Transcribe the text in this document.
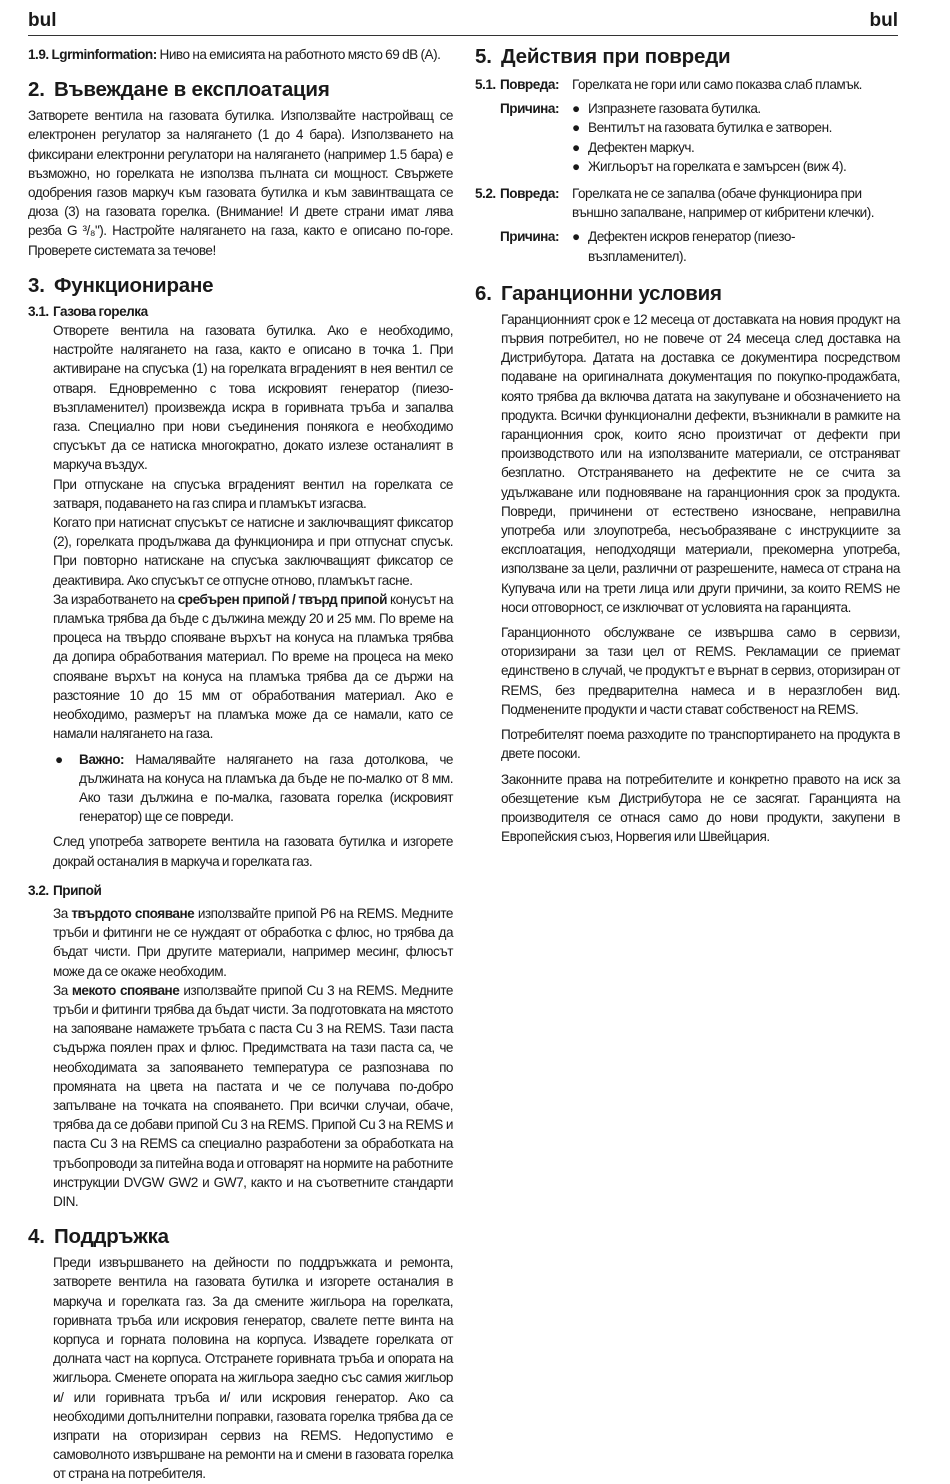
bul	bul
1.9. Lgrminformation: Ниво на емисията на работното място 69 dB (A).
2. Въвеждане в експлоатация

Затворете вентила на газовата бутилка. Използвайте настройващ се електронен регулатор за налягането (1 до 4 бара). Използването на фиксирани електронни регулатори на налягането (например 1.5 бара) е възможно, но горелката не използва пълната си мощност. Свържете одобрения газов маркуч към газовата бутилка и към завинтващата се дюза (3) на газовата горелка. (Внимание! И двете страни имат лява резба G ³/₈"). Настройте налягането на газа, както е описано по-горе. Проверете системата за течове!

3. Функциониране
3.1. Газова горелка

Отворете вентила на газовата бутилка. Ако е необходимо, настройте налягането на газа, както е описано в точка 1. При активиране на спусъка (1) на горелката вграденият в нея вентил се отваря. Едновременно с това искровият генератор (пиезо-възпламенител) произвежда искра в горивната тръба и запалва газа. Специално при нови съединения понякога е необходимо спусъкът да се натиска многократно, докато излезе останалият в маркуча въздух.

При отпускане на спусъка вграденият вентил на горелката се затваря, подаването на газ спира и пламъкът изгасва.

Когато при натиснат спусъкът се натисне и заключващият фиксатор (2), горелката продължава да функционира и при отпуснат спусък. При повторно натискане на спусъка заключващият фиксатор се деактивира. Ако спусъкът се отпусне отново, пламъкът гасне.

За изработването на сребърен припой / твърд припой конусът на пламъка трябва да бъде с дължина между 20 и 25 мм. По време на процеса на твърдо спояване върхът на конуса на пламъка трябва да допира обработвания материал. По време на процеса на меко спояване върхът на конуса на пламъка трябва да се държи на разстояние 10 до 15 мм от обработвания материал. Ако е необходимо, размерът на пламъка може да се намали, като се намали налягането на газа.

● Важно: Намалявайте налягането на газа дотолкова, че дължината на конуса на пламъка да бъде не по-малко от 8 мм. Ако тази дължина е по-малка, газовата горелка (искровият генератор) ще се повреди.

След употреба затворете вентила на газовата бутилка и изгорете докрай останалия в маркуча и горелката газ.

3.2. Припой

За твърдото спояване използвайте припой P6 на REMS. Медните тръби и фитинги не се нуждаят от обработка с флюс, но трябва да бъдат чисти. При другите материали, например месинг, флюсът може да се окаже необходим.

За мекото спояване използвайте припой Cu 3 на REMS. Медните тръби и фитинги трябва да бъдат чисти. За подготовката на мястото на запояване намажете тръбата с паста Cu 3 на REMS. Тази паста съдържа поялен прах и флюс. Предимствата на тази паста са, че необходимата за запояването температура се разпознава по промяната на цвета на пастата и че се получава по-добро запълване на точката на спояването. При всички случаи, обаче, трябва да се добави припой Cu 3 на REMS. Припой Cu 3 на REMS и паста Cu 3 на REMS са специално разработени за обработката на тръбопроводи за питейна вода и отговарят на нормите на работните инструкции DVGW GW2 и GW7, както и на съответните стандарти DIN.

4. Поддръжка

Преди извършването на дейности по поддръжката и ремонта, затворете вентила на газовата бутилка и изгорете останалия в маркуча и горелката газ. За да смените жигльора на горелката, горивната тръба или искровия генератор, свалете петте винта на корпуса и горната половина на корпуса. Извадете горелката от долната част на корпуса. Отстранете горивната тръба и опората на жигльора. Сменете опората на жигльора заедно със самия жигльор и/ или горивната тръба и/ или искровия генератор. Ако са необходими допълнителни поправки, газовата горелка трябва да се изпрати на оторизиран сервиз на REMS. Недопустимо е самоволното извършване на ремонти на и смени в газовата горелка от страна на потребителя.

5. Действия при повреди
5.1. Повреда: Горелката не гори или само показва слаб пламък.
Причина: ● Изпразнете газовата бутилка.
● Вентилът на газовата бутилка е затворен.
● Дефектен маркуч.
● Жигльорът на горелката е замърсен (виж 4).
5.2. Повреда: Горелката не се запалва (обаче функционира при външно запалване, например от кибритени клечки).
Причина: ● Дефектен искров генератор (пиезо-възпламенител).
6. Гаранционни условия

Гаранционният срок е 12 месеца от доставката на новия продукт на първия потребител, но не повече от 24 месеца след доставка на Дистрибутора. Датата на доставка се документира посредством подаване на оригиналната документация по покупко-продажбата, която трябва да включва датата на закупуване и обозначението на продукта. Всички функционални дефекти, възникнали в рамките на гаранционния срок, които ясно произтичат от дефекти при производството или на използваните материали, се отстраняват безплатно. Отстраняването на дефектите не се счита за удължаване или подновяване на гаранционния срок за продукта. Повреди, причинени от естествено износване, неправилна употреба или злоупотреба, несъобразяване с инструкциите за експлоатация, неподходящи материали, прекомерна употреба, използване за цели, различни от разрешените, намеса от страна на Купувача или на трети лица или други причини, за които REMS не носи отговорност, се изключват от условията на гаранцията.

Гаранционното обслужване се извършва само в сервизи, оторизирани за тази цел от REMS. Рекламации се приемат единствено в случай, че продуктът е върнат в сервиз, оторизиран от REMS, без предварителна намеса и в неразглобен вид. Подменените продукти и части стават собственост на REMS.

Потребителят поема разходите по транспортирането на продукта в двете посоки.

Законните права на потребителите и конкретно правото на иск за обезщетение към Дистрибутора не се засягат. Гаранцията на производителя се отнася само до нови продукти, закупени в Европейския съюз, Норвегия или Швейцария.
